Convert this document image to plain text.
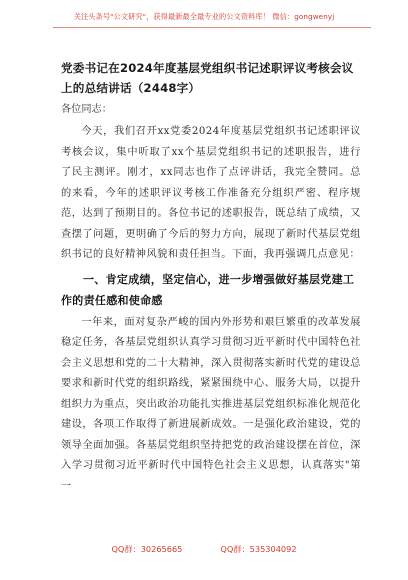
关注头条号"公文研究"，获得最新最全最专业的公文资料库！ 微信：gongwenyj
党委书记在2024年度基层党组织书记述职评议考核会议上的总结讲话（2448字）

各位同志：

今天，我们召开xx党委2024年度基层党组织书记述职评议考核会议，集中听取了xx个基层党组织书记的述职报告，进行了民主测评。刚才，xx同志也作了点评讲话，我完全赞同。总的来看，今年的述职评议考核工作准备充分组织严密、程序规范，达到了预期目的。各位书记的述职报告，既总结了成绩，又查摆了问题，更明确了今后的努力方向，展现了新时代基层党组织书记的良好精神风貌和责任担当。下面，我再强调几点意见：

一、肯定成绩，坚定信心，进一步增强做好基层党建工作的责任感和使命感

一年来，面对复杂严峻的国内外形势和艰巨繁重的改革发展稳定任务，各基层党组织认真学习贯彻习近平新时代中国特色社会主义思想和党的二十大精神，深入贯彻落实新时代党的建设总要求和新时代党的组织路线，紧紧围绕中心、服务大局，以提升组织力为重点，突出政治功能扎实推进基层党组织标准化规范化建设，各项工作取得了新进展新成效。一是强化政治建设，党的领导全面加强。各基层党组织坚持把党的政治建设摆在首位，深入学习贯彻习近平新时代中国特色社会主义思想，认真落实"第一

QQ群：30265665	QQ群：535304092
